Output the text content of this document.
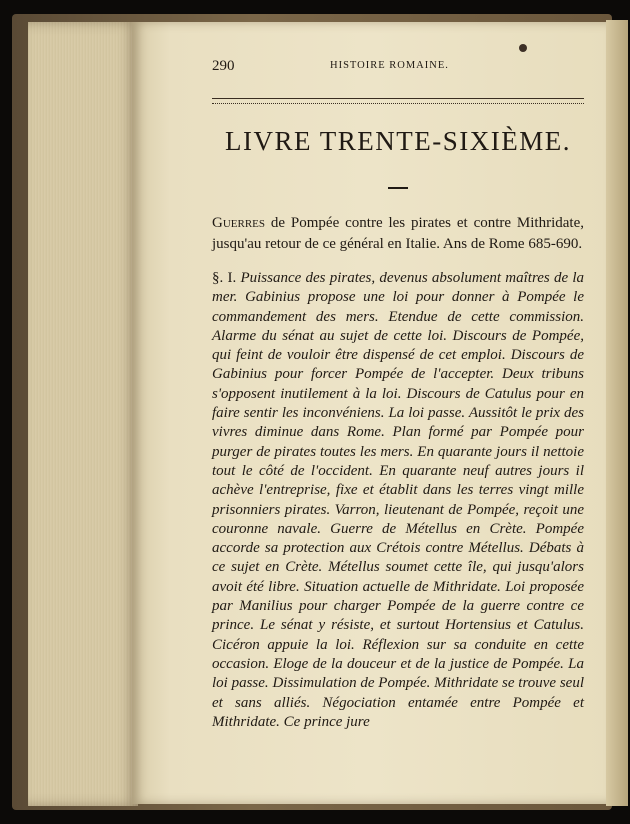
290	HISTOIRE ROMAINE.
LIVRE TRENTE-SIXIÈME.
Guerres de Pompée contre les pirates et contre Mithridate, jusqu'au retour de ce général en Italie. Ans de Rome 685-690.
§. I. Puissance des pirates, devenus absolument maîtres de la mer. Gabinius propose une loi pour donner à Pompée le commandement des mers. Etendue de cette commission. Alarme du sénat au sujet de cette loi. Discours de Pompée, qui feint de vouloir être dispensé de cet emploi. Discours de Gabinius pour forcer Pompée de l'accepter. Deux tribuns s'opposent inutilement à la loi. Discours de Catulus pour en faire sentir les inconvéniens. La loi passe. Aussitôt le prix des vivres diminue dans Rome. Plan formé par Pompée pour purger de pirates toutes les mers. En quarante jours il nettoie tout le côté de l'occident. En quarante neuf autres jours il achève l'entreprise, fixe et établit dans les terres vingt mille prisonniers pirates. Varron, lieutenant de Pompée, reçoit une couronne navale. Guerre de Métellus en Crète. Pompée accorde sa protection aux Crétois contre Métellus. Débats à ce sujet en Crète. Métellus soumet cette île, qui jusqu'alors avoit été libre. Situation actuelle de Mithridate. Loi proposée par Manilius pour charger Pompée de la guerre contre ce prince. Le sénat y résiste, et surtout Hortensius et Catulus. Cicéron appuie la loi. Réflexion sur sa conduite en cette occasion. Eloge de la douceur et de la justice de Pompée. La loi passe. Dissimulation de Pompée. Mithridate se trouve seul et sans alliés. Négociation entamée entre Pompée et Mithridate. Ce prince jure
